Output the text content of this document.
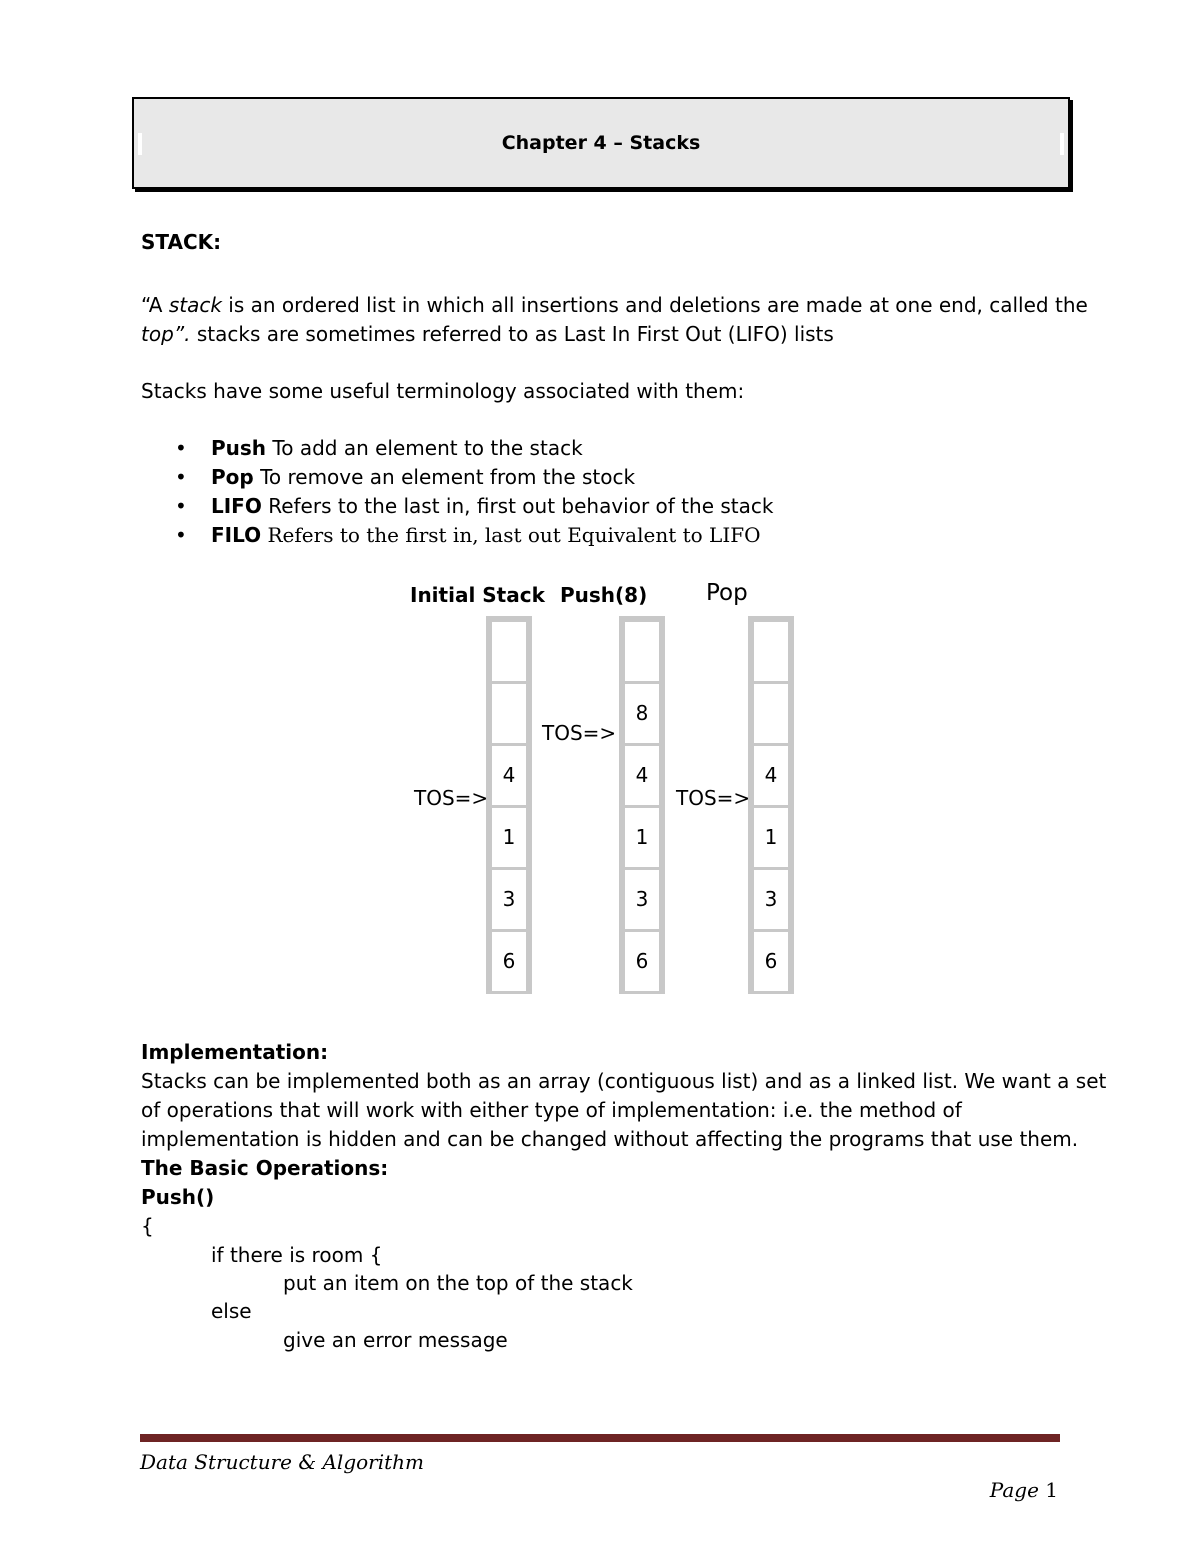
Chapter 4 – Stacks
STACK:
“A stack is an ordered list in which all insertions and deletions are made at one end, called the
top”. stacks are sometimes referred to as Last In First Out (LIFO) lists
Stacks have some useful terminology associated with them:
• Push To add an element to the stack
• Pop To remove an element from the stock
• LIFO Refers to the last in, first out behavior of the stack
• FILO Refers to the first in, last out Equivalent to LIFO
Initial Stack Push(8)	Pop
4
1
3
6
8
4
1
3
6
4
1
3
6
TOS=>
TOS=>
TOS=>
Implementation:
Stacks can be implemented both as an array (contiguous list) and as a linked list. We want a set
of operations that will work with either type of implementation: i.e. the method of
implementation is hidden and can be changed without affecting the programs that use them.
The Basic Operations:
Push()
{
if there is room {
put an item on the top of the stack
else
give an error message
Data Structure & Algorithm
Page 1
